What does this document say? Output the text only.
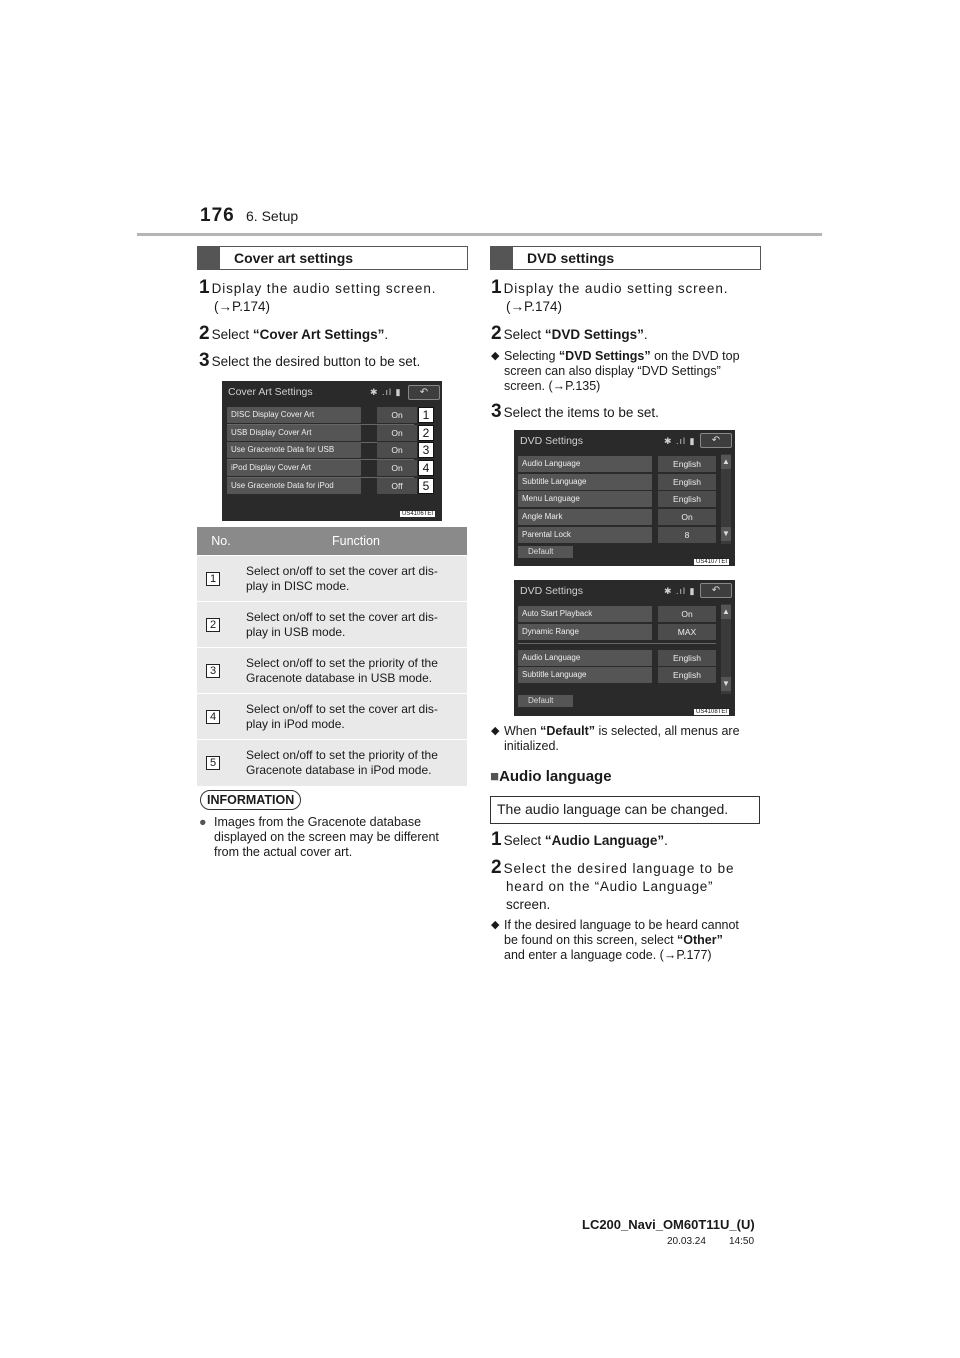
176 6. Setup
Cover art settings
1 Display the audio setting screen.
(→P.174)
2 Select “Cover Art Settings”.
3 Select the desired button to be set.
Cover Art Settings	✱ .ıl ▮	↶
DISC Display Cover Art	On	1
USB Display Cover Art	On	2
Use Gracenote Data for USB	On	3
iPod Display Cover Art	On	4
Use Gracenote Data for iPod	Off	5
US4106TEI
No.	Function
1	Select on/off to set the cover art dis-
play in DISC mode.

2	Select on/off to set the cover art dis-
play in USB mode.

3	Select on/off to set the priority of the
Gracenote database in USB mode.

4	Select on/off to set the cover art dis-
play in iPod mode.

5	Select on/off to set the priority of the
Gracenote database in iPod mode.
INFORMATION
● Images from the Gracenote database
displayed on the screen may be different
from the actual cover art.
DVD settings
1 Display the audio setting screen.
(→P.174)
2 Select “DVD Settings”.
◆ Selecting “DVD Settings” on the DVD top
screen can also display “DVD Settings”
screen. (→P.135)
3 Select the items to be set.
DVD Settings	✱ .ıl ▮	↶
Audio Language	English
Subtitle Language	English
Menu Language	English
Angle Mark	On
Parental Lock	8
Default
▲
▼
US4107TEI
DVD Settings	✱ .ıl ▮	↶
Auto Start Playback	On
Dynamic Range	MAX
Audio Language	English
Subtitle Language	English
Default
▲
▼
US4108TEI
◆ When “Default” is selected, all menus are
initialized.
■Audio language
The audio language can be changed.
1 Select “Audio Language”.
2 Select the desired language to be
heard on the “Audio Language”
screen.
◆ If the desired language to be heard cannot
be found on this screen, select “Other”
and enter a language code. (→P.177)
LC200_Navi_OM60T11U_(U)
20.03.24 14:50
